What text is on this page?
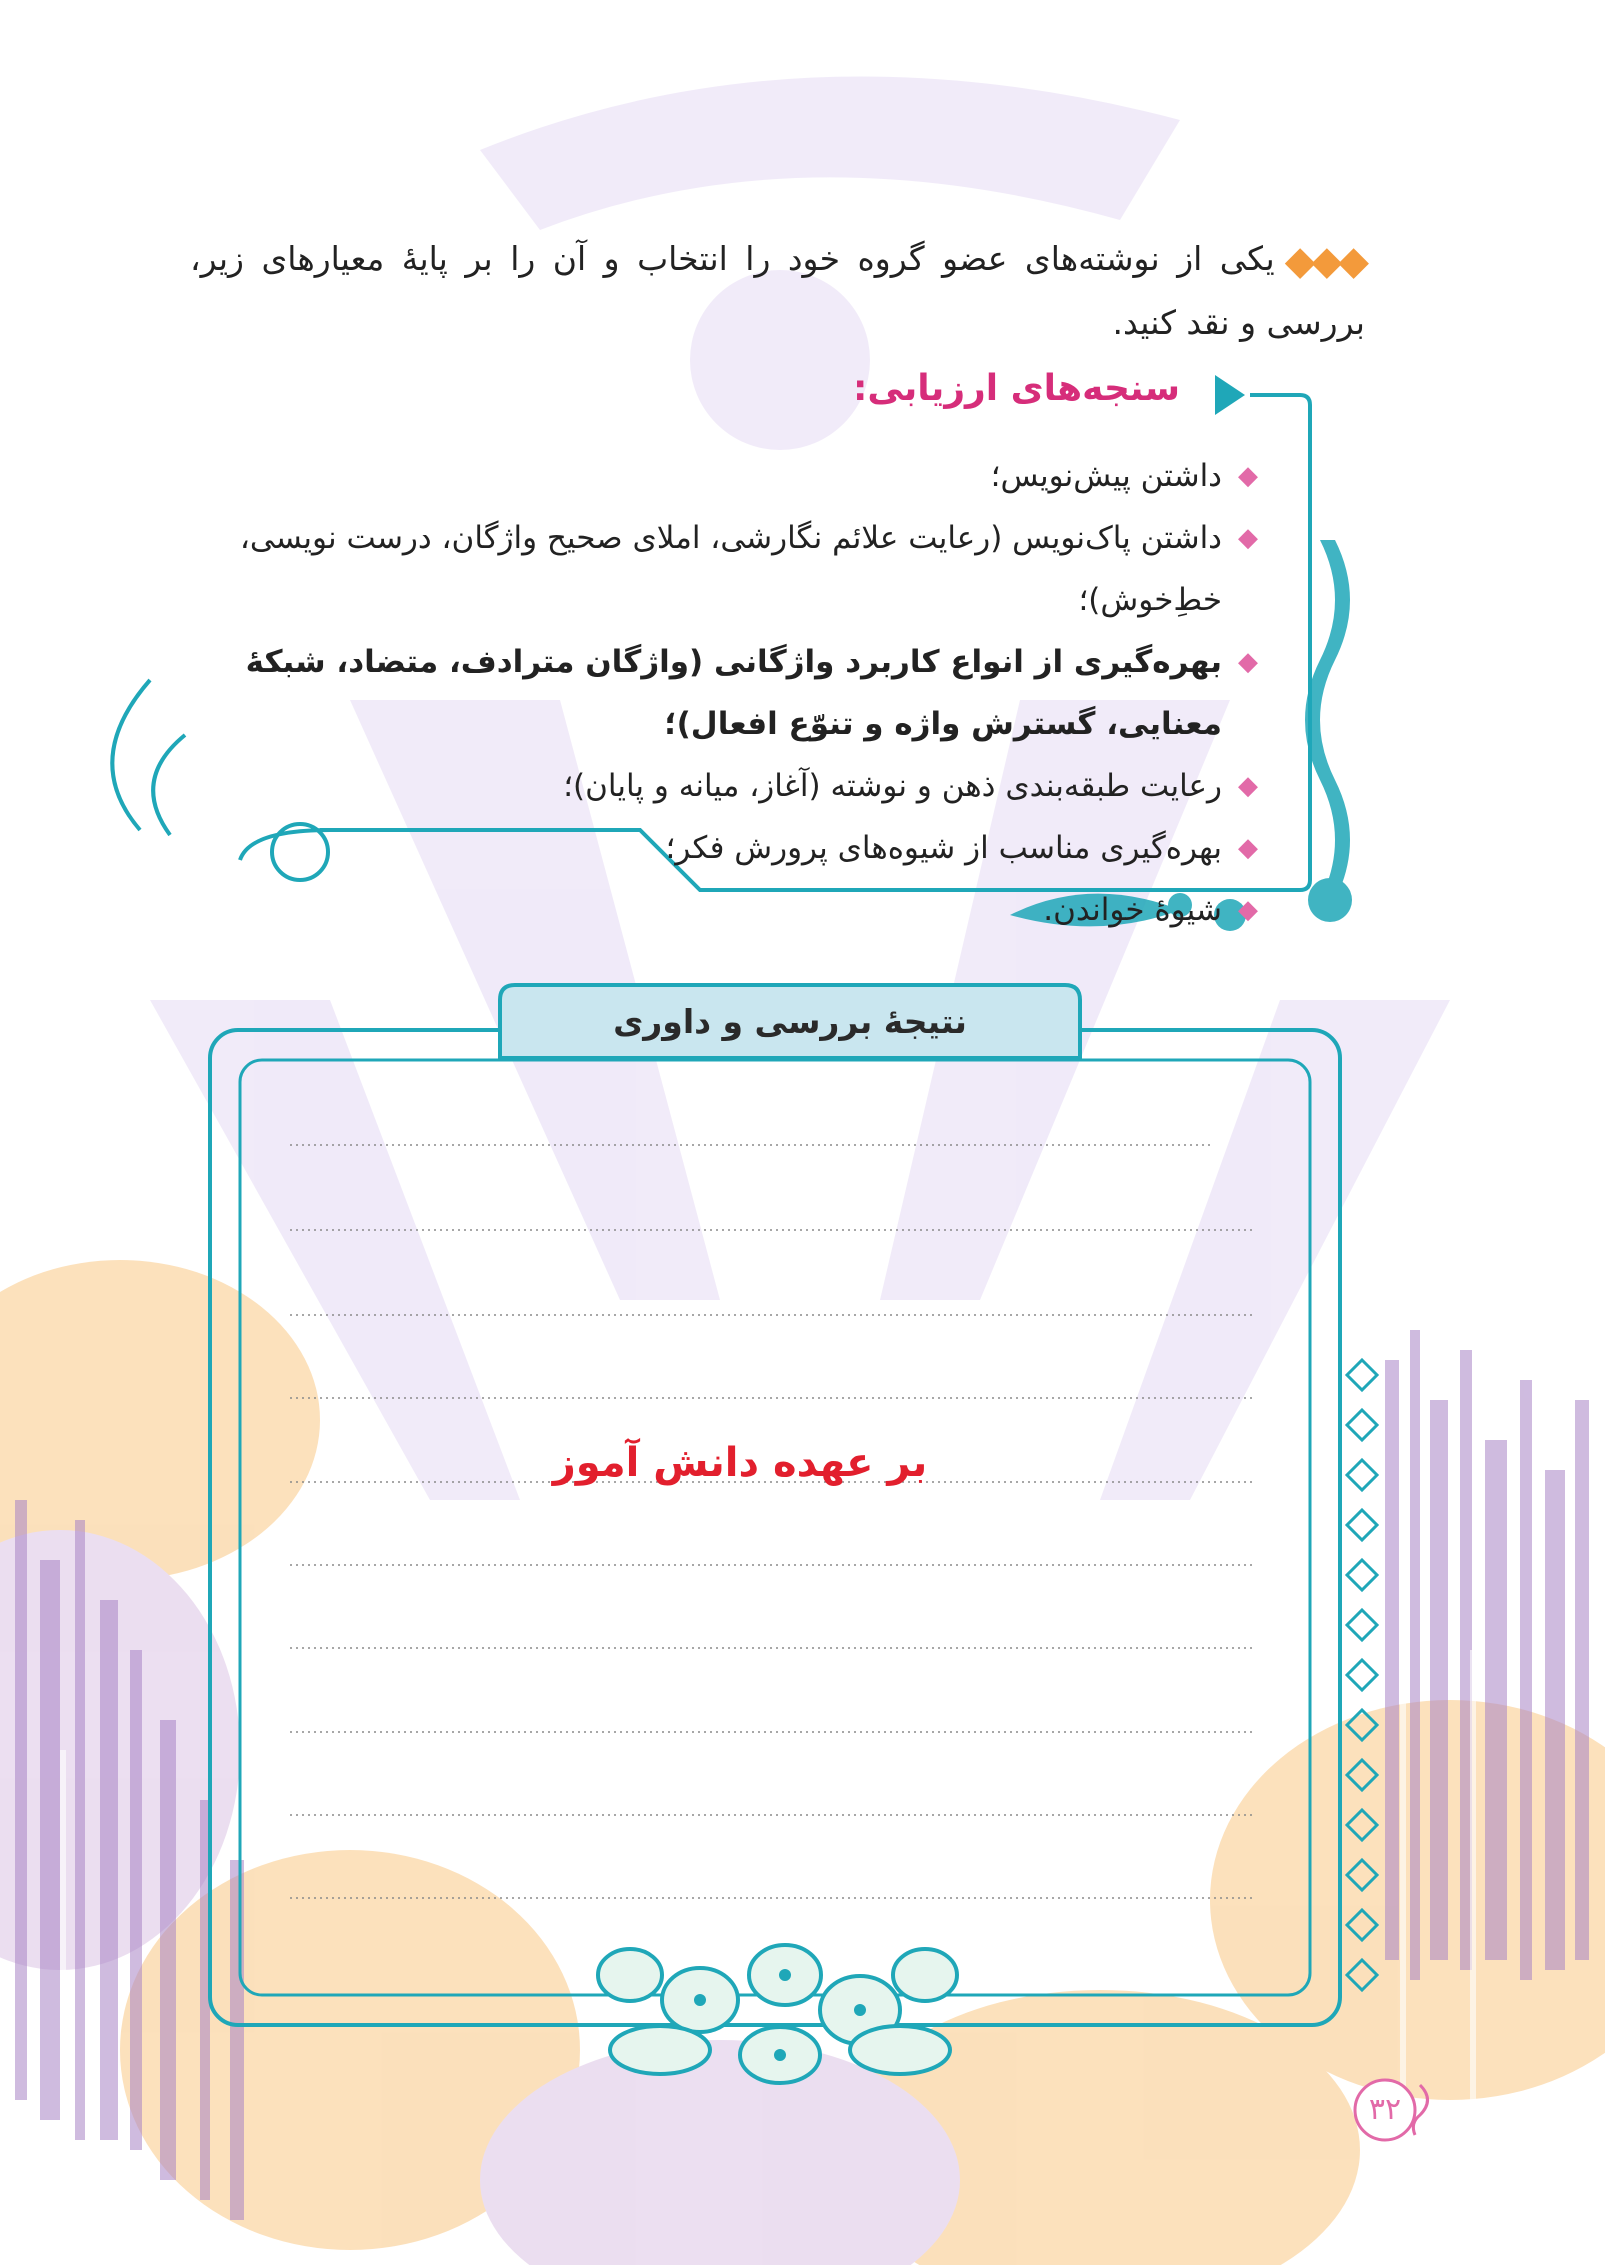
◆◆◆یکی از نوشته‌های عضو گروه خود را انتخاب و آن را بر پایهٔ معیارهای زیر، بررسی و نقد کنید.
سنجه‌های ارزیابی:
◆
داشتن پیش‌نویس؛
◆
داشتن پاک‌نویس (رعایت علائم نگارشی، املای صحیح واژگان، درست نویسی، خطِ‌خوش)؛
◆
بهره‌گیری از انواع کاربرد واژگانی (واژگان مترادف، متضاد، شبکهٔ معنایی، گسترش واژه و تنوّع افعال)؛
◆
رعایت طبقه‌بندی ذهن و نوشته (آغاز، میانه و پایان)؛
◆
بهره‌گیری مناسب از شیوه‌های پرورش فکر؛
◆
شیوهٔ خواندن.
نتیجهٔ بررسی و داوری
بر عهده دانش آموز
۳۲
